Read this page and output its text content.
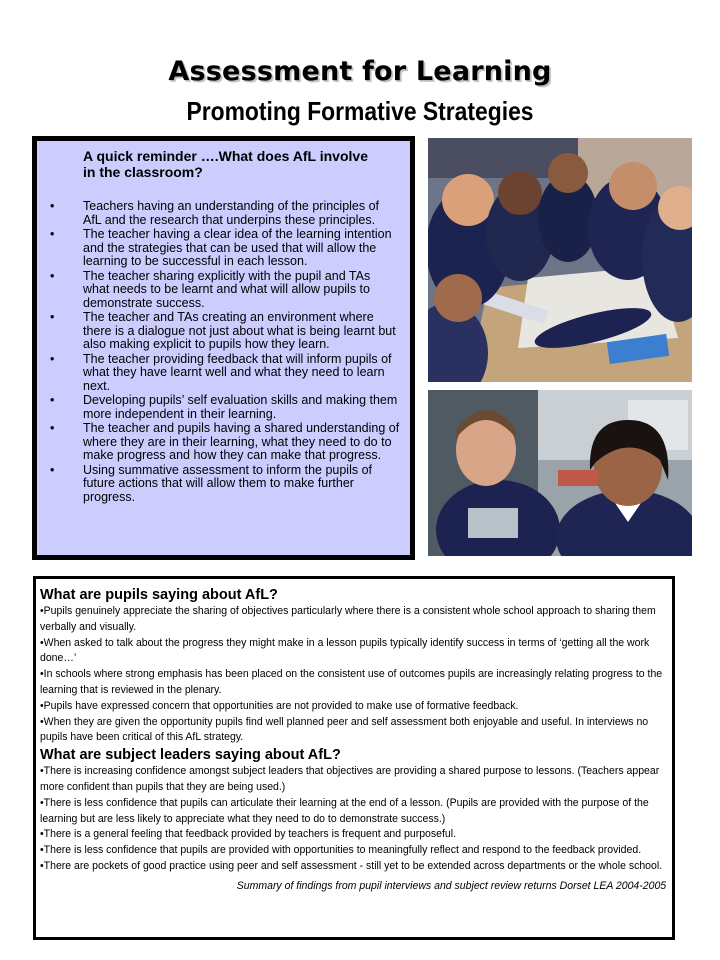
Assessment for Learning
Promoting Formative Strategies
A quick reminder ….What does AfL involve in the classroom?
• Teachers having an understanding of the principles of AfL and the research that underpins these principles.
• The teacher having a clear idea of the learning intention and the strategies that can be used that will allow the learning to be successful in each lesson.
• The teacher sharing explicitly with the pupil and TAs what needs to be learnt and what will allow pupils to demonstrate success.
• The teacher and TAs creating an environment where there is a dialogue not just about what is being learnt but also making explicit to pupils how they learn.
• The teacher providing feedback that will inform pupils of what they have learnt well and what they need to learn next.
• Developing pupils’ self evaluation skills and making them more independent in their learning.
• The teacher and pupils having a shared understanding of where they are in their learning, what they need to do to make progress and how they can make that progress.
• Using summative assessment to inform the pupils of future actions that will allow them to make further progress.
What are pupils saying about AfL?
•Pupils genuinely appreciate the sharing of objectives particularly where there is a consistent whole school approach to sharing them verbally and visually.
•When asked to talk about the progress they might make in a lesson pupils typically identify success in terms of ‘getting all the work done…’
•In schools where strong emphasis has been placed on the consistent use of outcomes pupils are increasingly relating progress to the learning that is reviewed in the plenary.
•Pupils have expressed concern that opportunities are not provided to make use of formative feedback.
•When they are given the opportunity pupils find well planned peer and self assessment both enjoyable and useful. In interviews no pupils have been critical of this AfL strategy.
What are subject leaders saying about AfL?
•There is increasing confidence amongst subject leaders that objectives are providing a shared purpose to lessons. (Teachers appear more confident than pupils that they are being used.)
•There is less confidence that pupils can articulate their learning at the end of a lesson. (Pupils are provided with the purpose of the learning but are less likely to appreciate what they need to do to demonstrate success.)
•There is a general feeling that feedback provided by teachers is frequent and purposeful.
•There is less confidence that pupils are provided with opportunities to meaningfully reflect and respond to the feedback provided.
•There are pockets of good practice using peer and self assessment - still yet to be extended across departments or the whole school.
Summary of findings from pupil interviews and subject review returns Dorset LEA 2004-2005
